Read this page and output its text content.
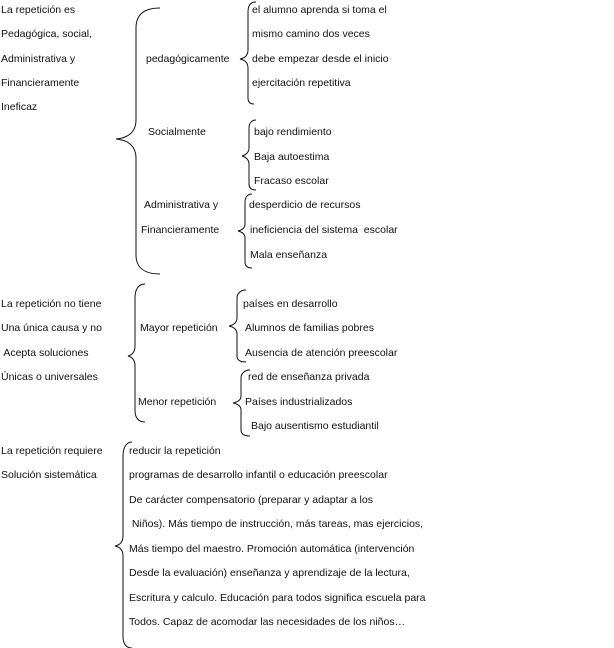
La repetición es
Pedagógica, social,
Administrativa y
Financieramente
Ineficaz
pedagógicamente
el alumno aprenda si toma el
mismo camino dos veces
debe empezar desde el inicio
ejercitación repetitiva
Socialmente	bajo rendimiento
Baja autoestima
Fracaso escolar
Administrativa y
Financieramente
desperdicio de recursos
ineficiencia del sistema  escolar
Mala enseñanza
La repetición no tiene
Una única causa y no
Acepta soluciones
Únicas o universales
Mayor repetición
países en desarrollo
Alumnos de familias pobres
Ausencia de atención preescolar
Menor repetición
red de enseñanza privada
Países industrializados
Bajo ausentismo estudiantil
La repetición requiere
Solución sistemática
reducir la repetición
programas de desarrollo infantil o educación preescolar
De carácter compensatorio (preparar y adaptar a los
Niños). Más tiempo de instrucción, más tareas, mas ejercicios,
Más tiempo del maestro. Promoción automática (intervención
Desde la evaluación) enseñanza y aprendizaje de la lectura,
Escritura y calculo. Educación para todos significa escuela para
Todos. Capaz de acomodar las necesidades de los niños…
